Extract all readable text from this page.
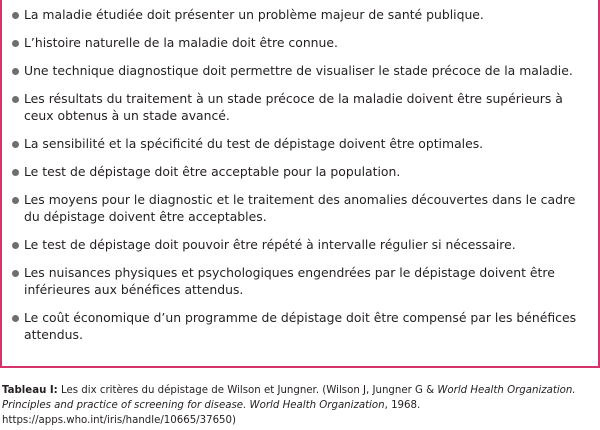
La maladie étudiée doit présenter un problème majeur de santé publique.
L’histoire naturelle de la maladie doit être connue.
Une technique diagnostique doit permettre de visualiser le stade précoce de la maladie.
Les résultats du traitement à un stade précoce de la maladie doivent être supérieurs à ceux obtenus à un stade avancé.
La sensibilité et la spécificité du test de dépistage doivent être optimales.
Le test de dépistage doit être acceptable pour la population.
Les moyens pour le diagnostic et le traitement des anomalies découvertes dans le cadre du dépistage doivent être acceptables.
Le test de dépistage doit pouvoir être répété à intervalle régulier si nécessaire.
Les nuisances physiques et psychologiques engendrées par le dépistage doivent être inférieures aux bénéfices attendus.
Le coût économique d’un programme de dépistage doit être compensé par les bénéfices attendus.
Tableau I: Les dix critères du dépistage de Wilson et Jungner. (Wilson J, Jungner G & World Health Organization. Principles and practice of screening for disease. World Health Organization, 1968. https://apps.who.int/iris/handle/10665/37650)
